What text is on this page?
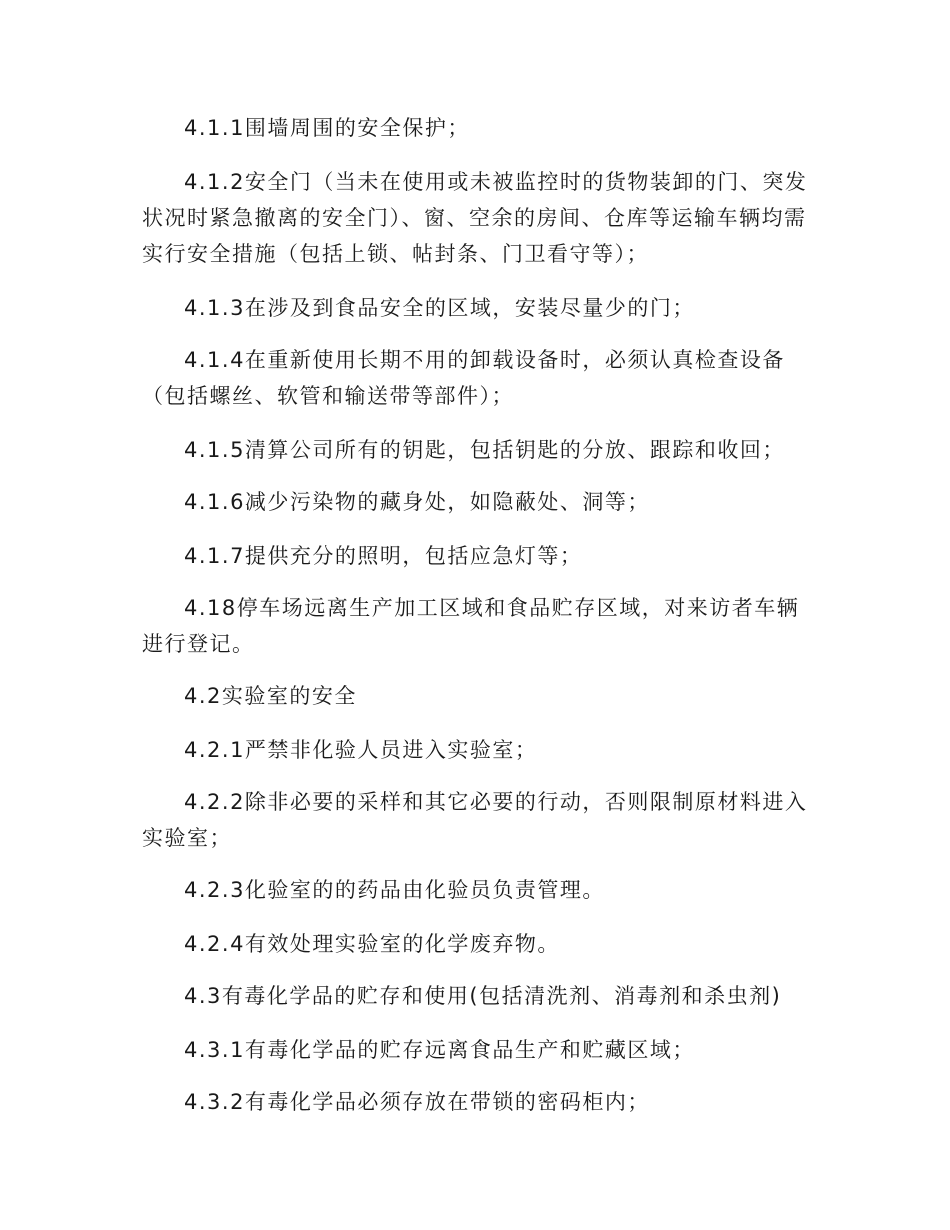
4.1.1围墙周围的安全保护；

4.1.2安全门（当未在使用或未被监控时的货物装卸的门、突发状况时紧急撤离的安全门）、窗、空余的房间、仓库等运输车辆均需实行安全措施（包括上锁、帖封条、门卫看守等）；

4.1.3在涉及到食品安全的区域，安装尽量少的门；

4.1.4在重新使用长期不用的卸载设备时，必须认真检查设备（包括螺丝、软管和输送带等部件）；

4.1.5清算公司所有的钥匙，包括钥匙的分放、跟踪和收回；

4.1.6减少污染物的藏身处，如隐蔽处、洞等；

4.1.7提供充分的照明，包括应急灯等；

4.18停车场远离生产加工区域和食品贮存区域，对来访者车辆进行登记。

4.2实验室的安全

4.2.1严禁非化验人员进入实验室；

4.2.2除非必要的采样和其它必要的行动，否则限制原材料进入实验室；

4.2.3化验室的的药品由化验员负责管理。

4.2.4有效处理实验室的化学废弃物。

4.3有毒化学品的贮存和使用(包括清洗剂、消毒剂和杀虫剂)

4.3.1有毒化学品的贮存远离食品生产和贮藏区域；

4.3.2有毒化学品必须存放在带锁的密码柜内；
